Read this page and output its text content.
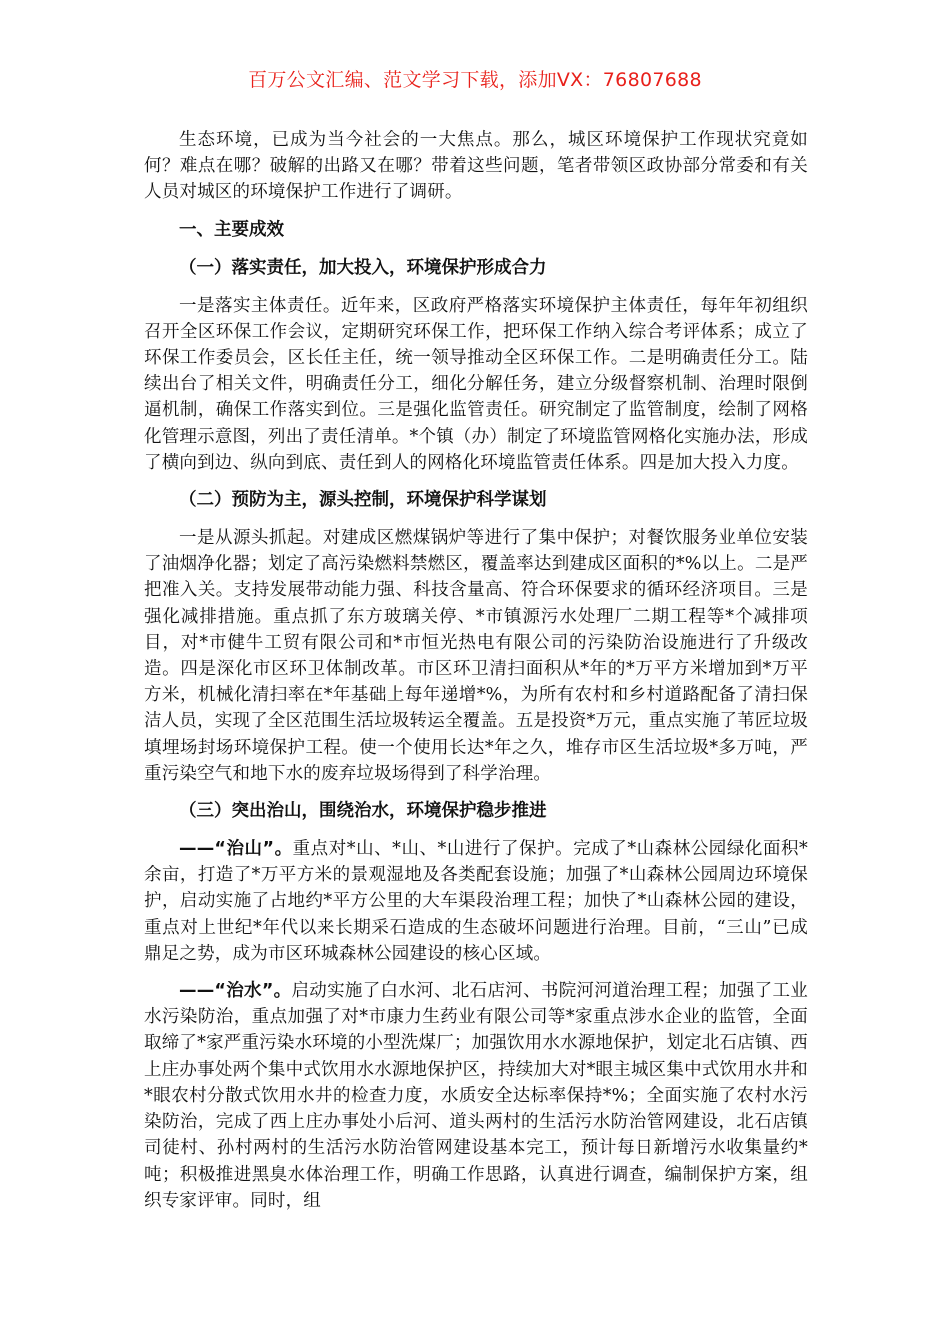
百万公文汇编、范文学习下载，添加VX：76807688

生态环境，已成为当今社会的一大焦点。那么，城区环境保护工作现状究竟如何？难点在哪？破解的出路又在哪？带着这些问题，笔者带领区政协部分常委和有关人员对城区的环境保护工作进行了调研。

一、主要成效

（一）落实责任，加大投入，环境保护形成合力

一是落实主体责任。近年来，区政府严格落实环境保护主体责任，每年年初组织召开全区环保工作会议，定期研究环保工作，把环保工作纳入综合考评体系；成立了环保工作委员会，区长任主任，统一领导推动全区环保工作。二是明确责任分工。陆续出台了相关文件，明确责任分工，细化分解任务，建立分级督察机制、治理时限倒逼机制，确保工作落实到位。三是强化监管责任。研究制定了监管制度，绘制了网格化管理示意图，列出了责任清单。*个镇（办）制定了环境监管网格化实施办法，形成了横向到边、纵向到底、责任到人的网格化环境监管责任体系。四是加大投入力度。

（二）预防为主，源头控制，环境保护科学谋划

一是从源头抓起。对建成区燃煤锅炉等进行了集中保护；对餐饮服务业单位安装了油烟净化器；划定了高污染燃料禁燃区，覆盖率达到建成区面积的*%以上。二是严把准入关。支持发展带动能力强、科技含量高、符合环保要求的循环经济项目。三是强化减排措施。重点抓了东方玻璃关停、*市镇源污水处理厂二期工程等*个减排项目，对*市健牛工贸有限公司和*市恒光热电有限公司的污染防治设施进行了升级改造。四是深化市区环卫体制改革。市区环卫清扫面积从*年的*万平方米增加到*万平方米，机械化清扫率在*年基础上每年递增*%，为所有农村和乡村道路配备了清扫保洁人员，实现了全区范围生活垃圾转运全覆盖。五是投资*万元，重点实施了苇匠垃圾填埋场封场环境保护工程。使一个使用长达*年之久，堆存市区生活垃圾*多万吨，严重污染空气和地下水的废弃垃圾场得到了科学治理。

（三）突出治山，围绕治水，环境保护稳步推进

——“治山”。重点对*山、*山、*山进行了保护。完成了*山森林公园绿化面积*余亩，打造了*万平方米的景观湿地及各类配套设施；加强了*山森林公园周边环境保护，启动实施了占地约*平方公里的大车渠段治理工程；加快了*山森林公园的建设，重点对上世纪*年代以来长期采石造成的生态破坏问题进行治理。目前，“三山”已成鼎足之势，成为市区环城森林公园建设的核心区域。

——“治水”。启动实施了白水河、北石店河、书院河河道治理工程；加强了工业水污染防治，重点加强了对*市康力生药业有限公司等*家重点涉水企业的监管，全面取缔了*家严重污染水环境的小型洗煤厂；加强饮用水水源地保护，划定北石店镇、西上庄办事处两个集中式饮用水水源地保护区，持续加大对*眼主城区集中式饮用水井和*眼农村分散式饮用水井的检查力度，水质安全达标率保持*%；全面实施了农村水污染防治，完成了西上庄办事处小后河、道头两村的生活污水防治管网建设，北石店镇司徒村、孙村两村的生活污水防治管网建设基本完工，预计每日新增污水收集量约*吨；积极推进黑臭水体治理工作，明确工作思路，认真进行调查，编制保护方案，组织专家评审。同时，组
